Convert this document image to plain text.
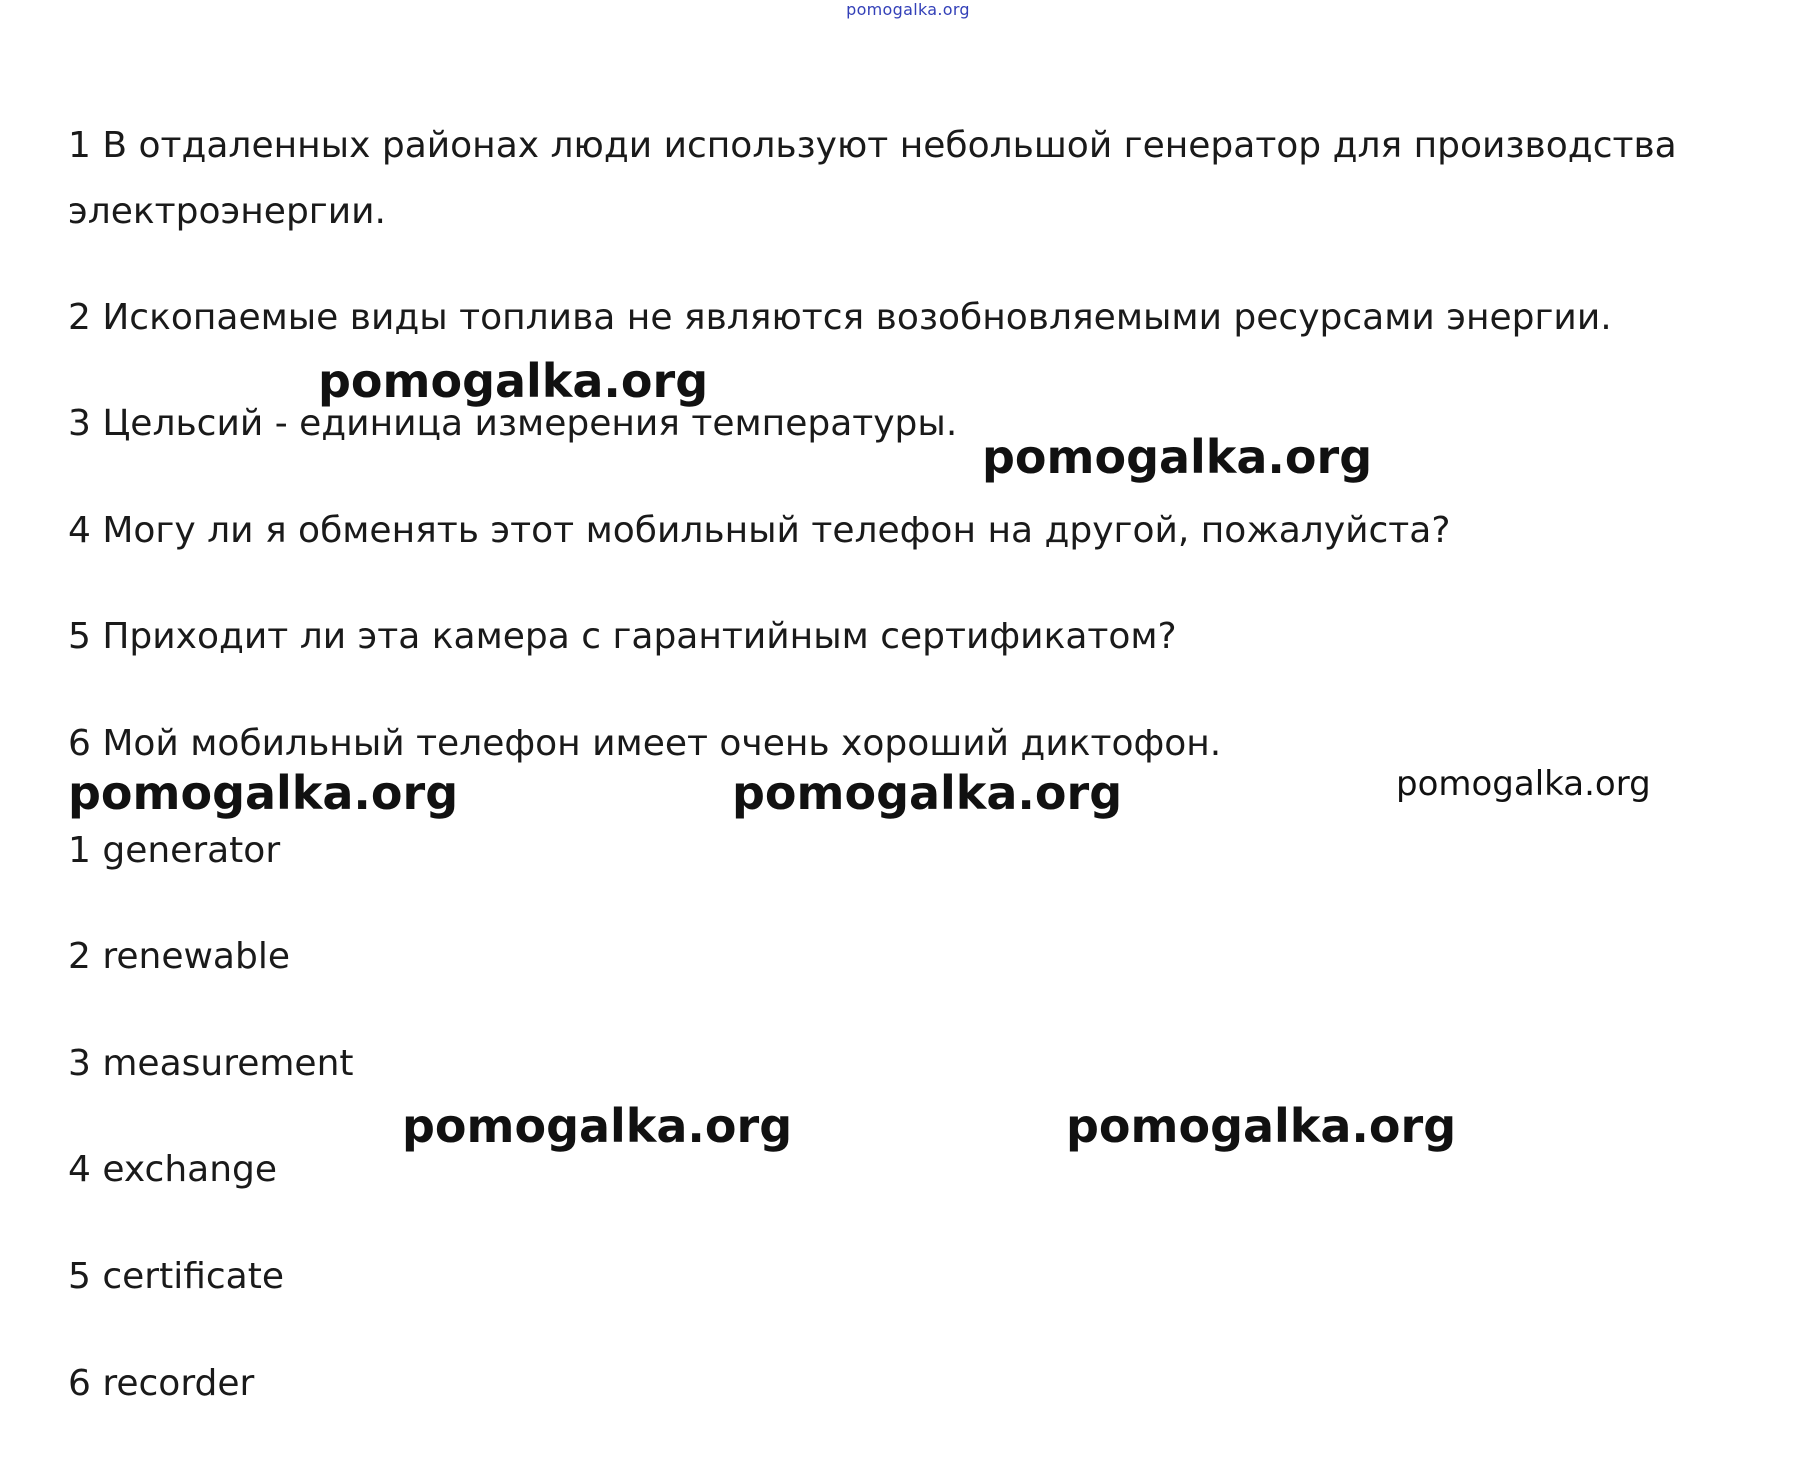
pomogalka.org
1 В отдаленных районах люди используют небольшой генератор для производства
электроэнергии.
2 Ископаемые виды топлива не являются возобновляемыми ресурсами энергии.
3 Цельсий - единица измерения температуры.
4 Могу ли я обменять этот мобильный телефон на другой, пожалуйста?
5 Приходит ли эта камера с гарантийным сертификатом?
6 Мой мобильный телефон имеет очень хороший диктофон.
1 generator
2 renewable
3 measurement
4 exchange
5 certificate
6 recorder
pomogalka.org
pomogalka.org
pomogalka.org	pomogalka.org	pomogalka.org
pomogalka.org	pomogalka.org
